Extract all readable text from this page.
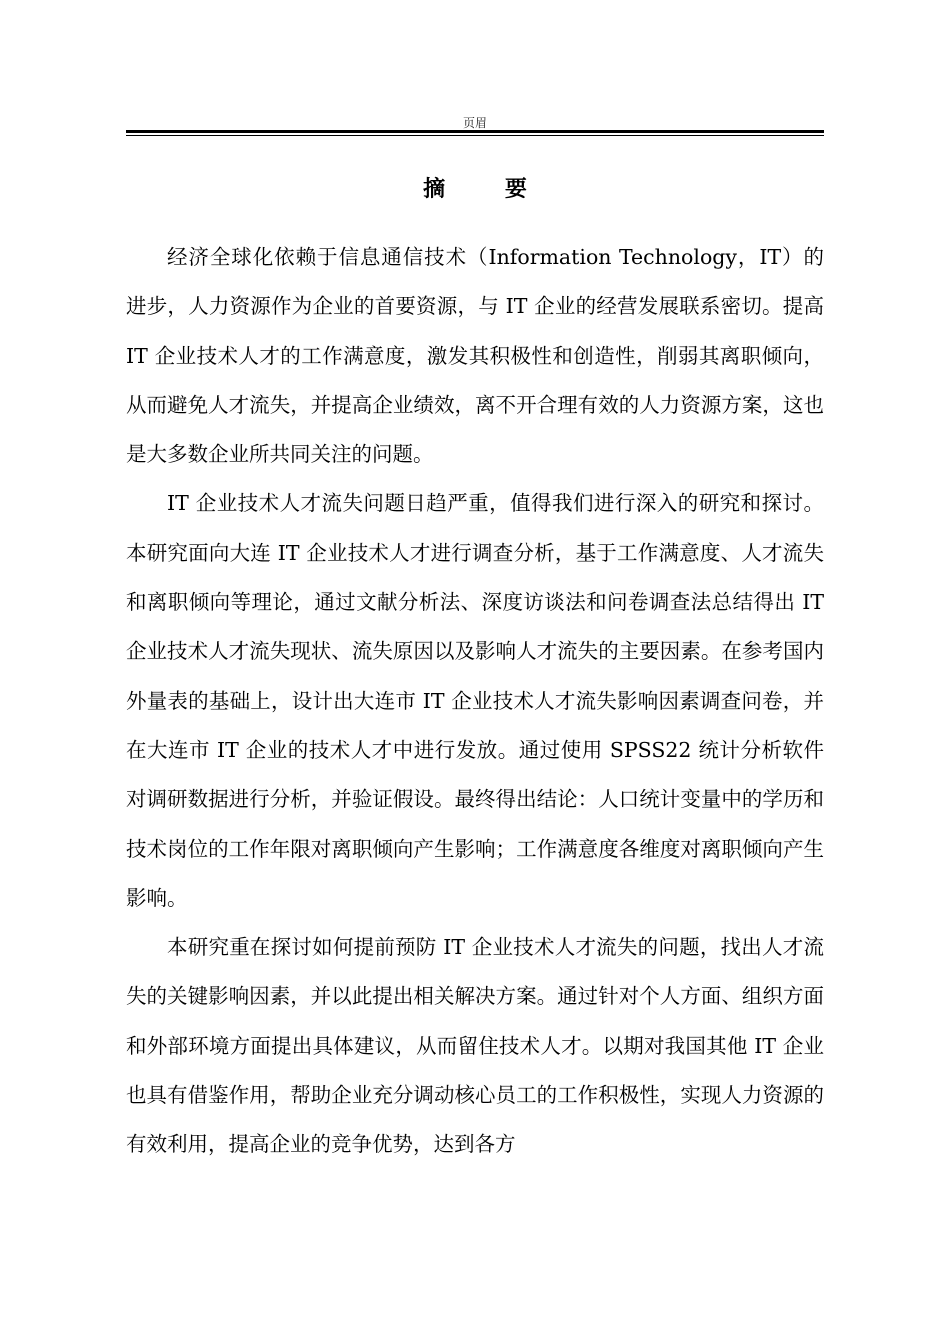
页眉
摘 要

经济全球化依赖于信息通信技术（Information Technology，IT）的进步，人力资源作为企业的首要资源，与 IT 企业的经营发展联系密切。提高 IT 企业技术人才的工作满意度，激发其积极性和创造性，削弱其离职倾向，从而避免人才流失，并提高企业绩效，离不开合理有效的人力资源方案，这也是大多数企业所共同关注的问题。

IT 企业技术人才流失问题日趋严重，值得我们进行深入的研究和探讨。本研究面向大连 IT 企业技术人才进行调查分析，基于工作满意度、人才流失和离职倾向等理论，通过文献分析法、深度访谈法和问卷调查法总结得出 IT 企业技术人才流失现状、流失原因以及影响人才流失的主要因素。在参考国内外量表的基础上，设计出大连市 IT 企业技术人才流失影响因素调查问卷，并在大连市 IT 企业的技术人才中进行发放。通过使用 SPSS22 统计分析软件对调研数据进行分析，并验证假设。最终得出结论：人口统计变量中的学历和技术岗位的工作年限对离职倾向产生影响；工作满意度各维度对离职倾向产生影响。

本研究重在探讨如何提前预防 IT 企业技术人才流失的问题，找出人才流失的关键影响因素，并以此提出相关解决方案。通过针对个人方面、组织方面和外部环境方面提出具体建议，从而留住技术人才。以期对我国其他 IT 企业也具有借鉴作用，帮助企业充分调动核心员工的工作积极性，实现人力资源的有效利用，提高企业的竞争优势，达到各方
